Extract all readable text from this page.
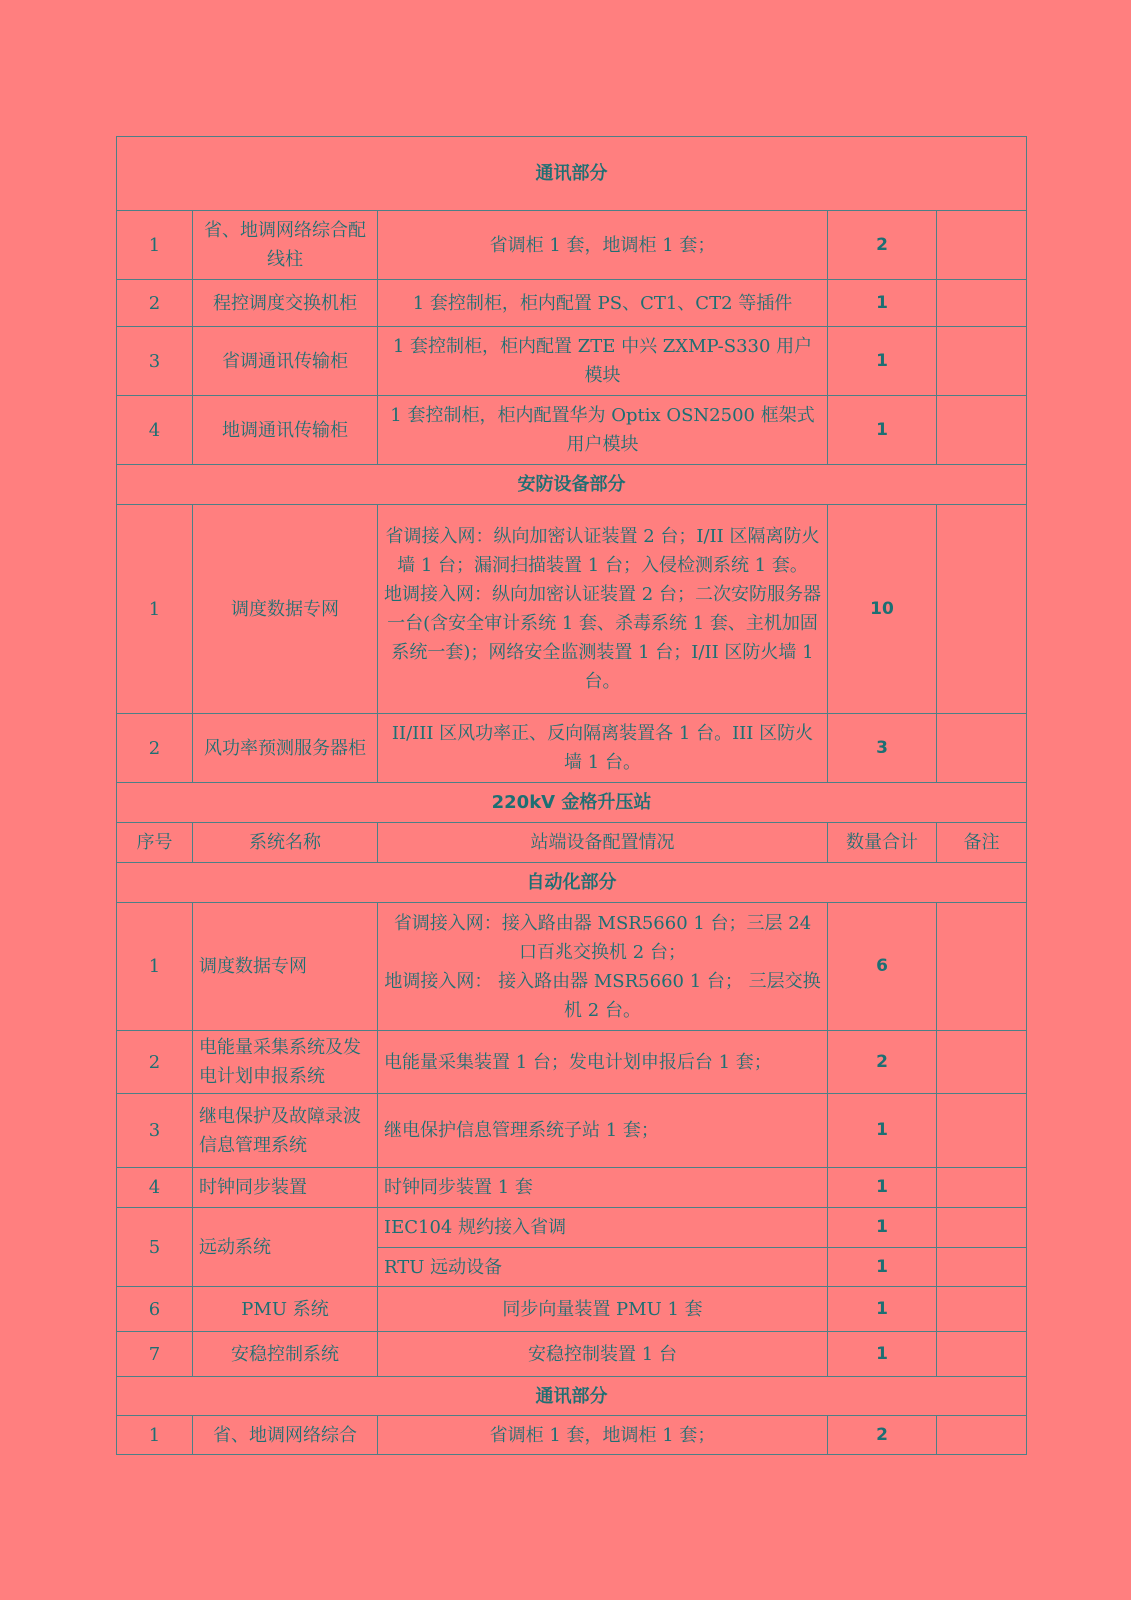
通讯部分				
1	省、地调网络综合配线柱	省调柜 1 套，地调柜 1 套；	2	
2	程控调度交换机柜	1 套控制柜，柜内配置 PS、CT1、CT2 等插件	1	
3	省调通讯传输柜	1 套控制柜，柜内配置 ZTE 中兴 ZXMP-S330 用户模块	1	
4	地调通讯传输柜	1 套控制柜，柜内配置华为 Optix OSN2500 框架式用户模块	1	
安防设备部分				
1	调度数据专网	省调接入网：纵向加密认证装置 2 台；I/II 区隔离防火墙 1 台；漏洞扫描装置 1 台；入侵检测系统 1 套。
地调接入网：纵向加密认证装置 2 台；二次安防服务器一台(含安全审计系统 1 套、杀毒系统 1 套、主机加固系统一套)；网络安全监测装置 1 台；I/II 区防火墙 1 台。	10	
2	风功率预测服务器柜	II/III 区风功率正、反向隔离装置各 1 台。III 区防火墙 1 台。	3	
220kV 金格升压站				
序号	系统名称	站端设备配置情况	数量合计	备注
自动化部分				
1	调度数据专网	省调接入网：接入路由器 MSR5660 1 台；三层 24 口百兆交换机 2 台；
地调接入网： 接入路由器 MSR5660 1 台； 三层交换机 2 台。	6	
2	电能量采集系统及发电计划申报系统	电能量采集装置 1 台；发电计划申报后台 1 套；	2	
3	继电保护及故障录波信息管理系统	继电保护信息管理系统子站 1 套；	1	
4	时钟同步装置	时钟同步装置 1 套	1	
5	远动系统	IEC104 规约接入省调	1	
		RTU 远动设备	1	
6	PMU 系统	同步向量装置 PMU 1 套	1	
7	安稳控制系统	安稳控制装置 1 台	1	
通讯部分				
1	省、地调网络综合	省调柜 1 套，地调柜 1 套；	2	
